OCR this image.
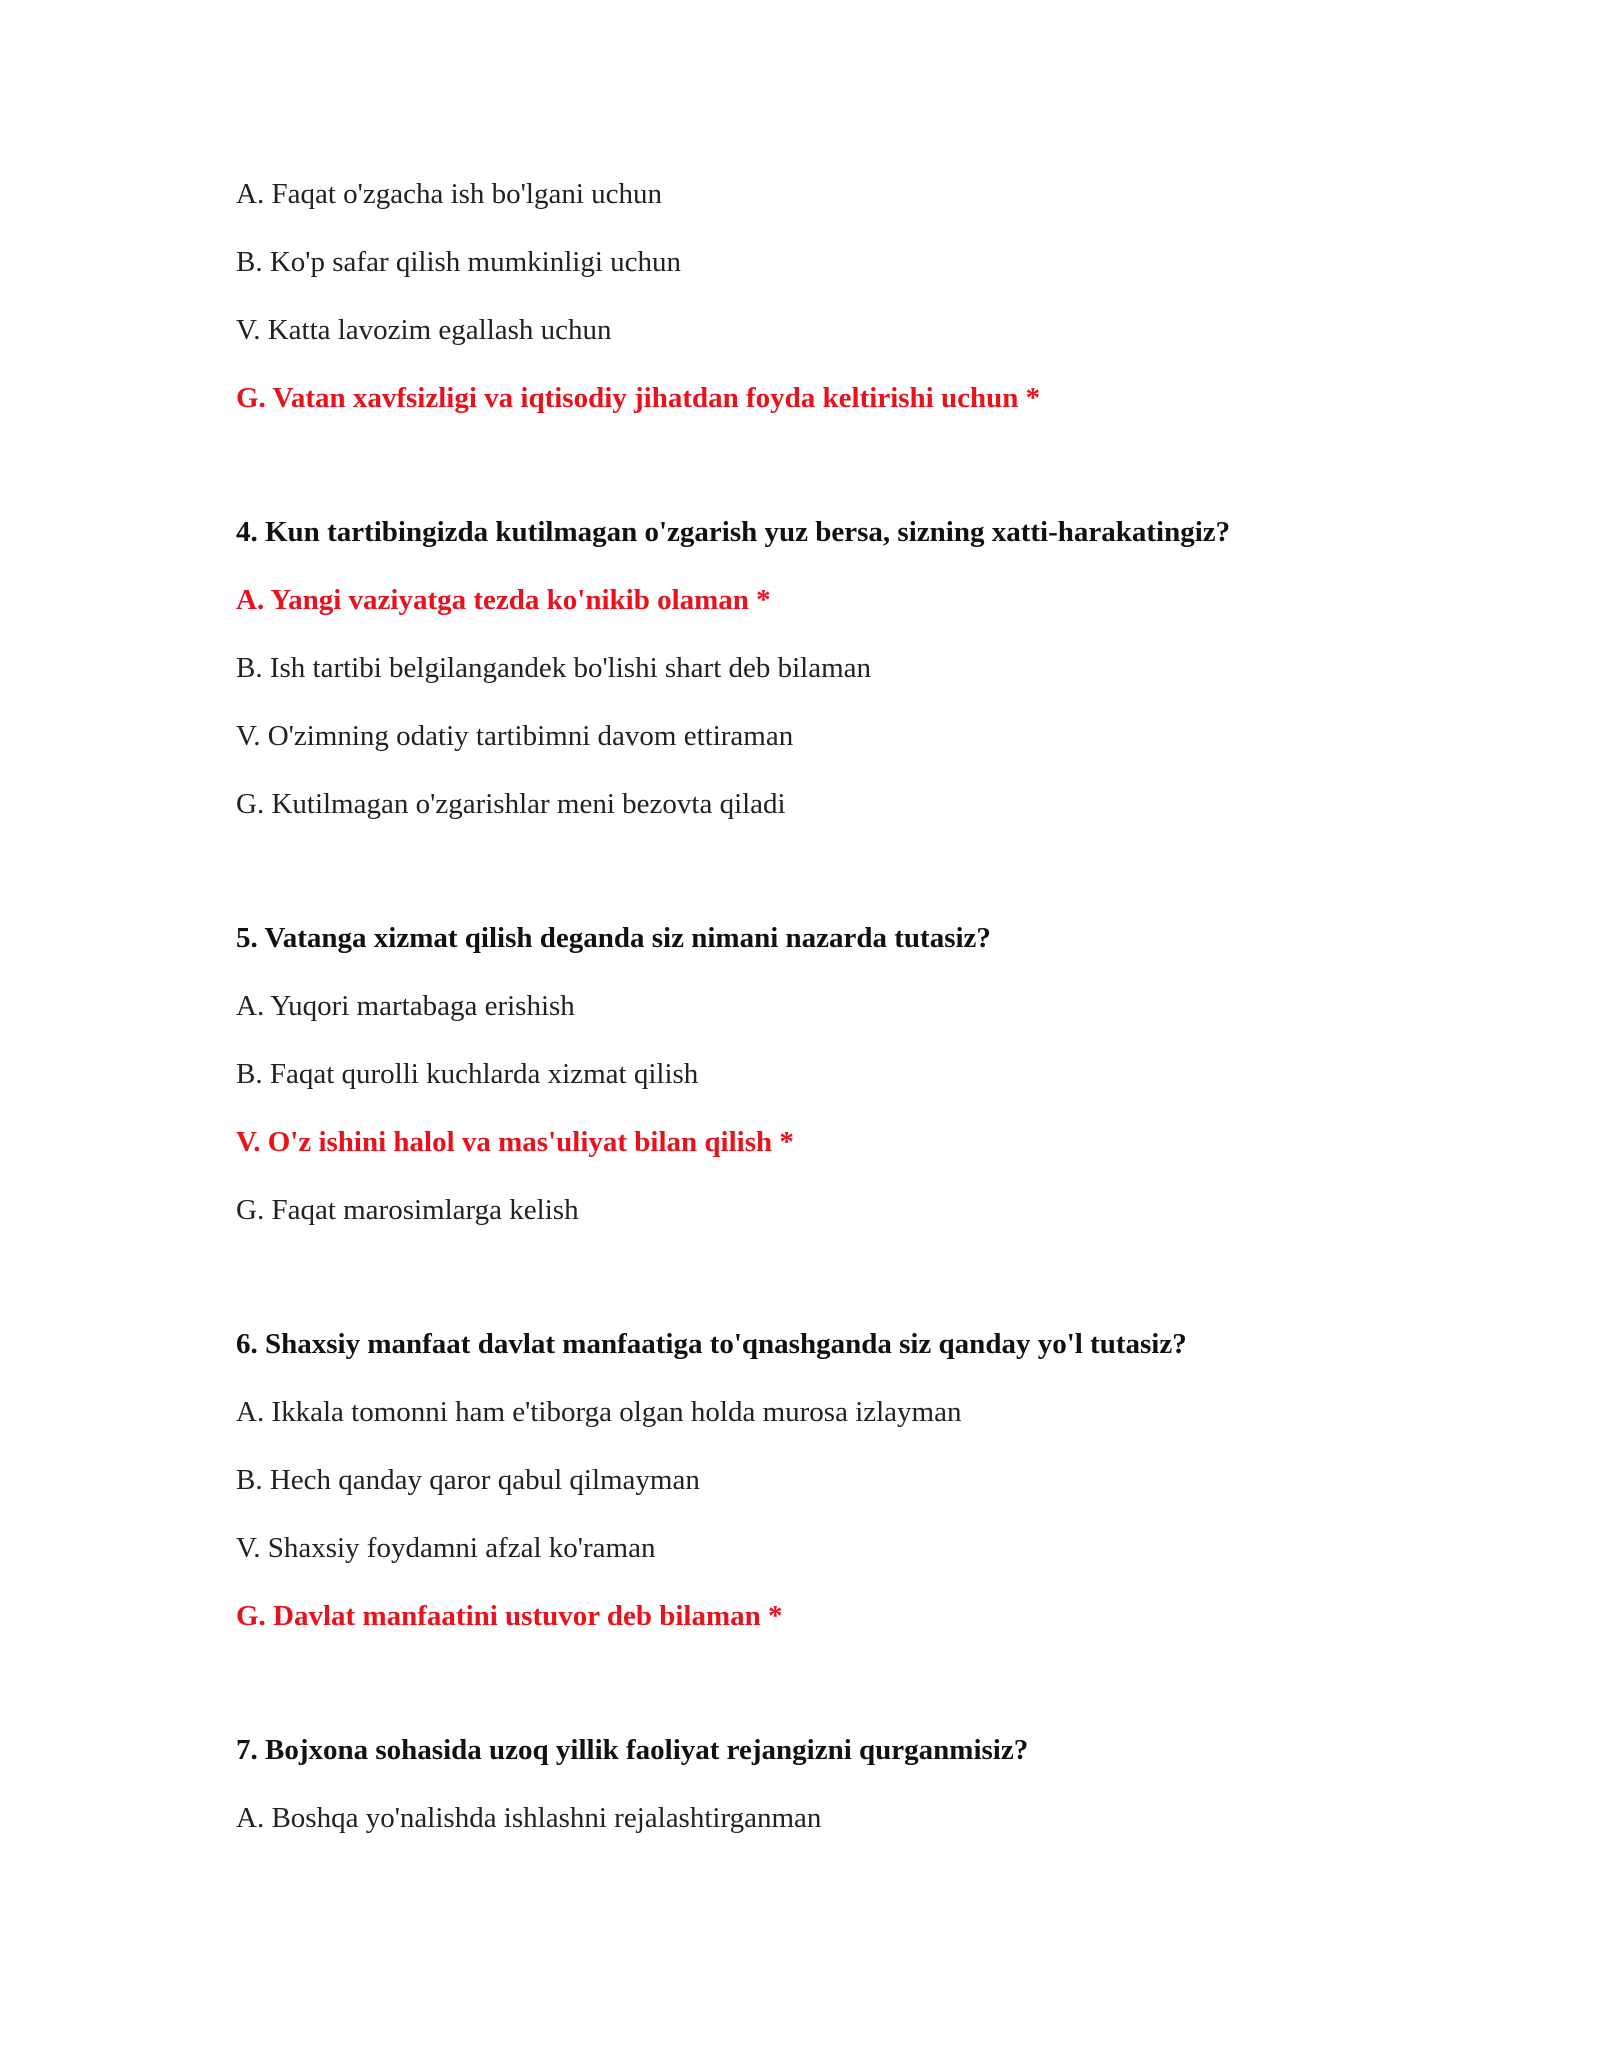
A. Faqat o'zgacha ish bo'lgani uchun
B. Ko'p safar qilish mumkinligi uchun
V. Katta lavozim egallash uchun
G. Vatan xavfsizligi va iqtisodiy jihatdan foyda keltirishi uchun *
4. Kun tartibingizda kutilmagan o'zgarish yuz bersa, sizning xatti-harakatingiz?
A. Yangi vaziyatga tezda ko'nikib olaman *
B. Ish tartibi belgilangandek bo'lishi shart deb bilaman
V. O'zimning odatiy tartibimni davom ettiraman
G. Kutilmagan o'zgarishlar meni bezovta qiladi
5. Vatanga xizmat qilish deganda siz nimani nazarda tutasiz?
A. Yuqori martabaga erishish
B. Faqat qurolli kuchlarda xizmat qilish
V. O'z ishini halol va mas'uliyat bilan qilish *
G. Faqat marosimlarga kelish
6. Shaxsiy manfaat davlat manfaatiga to'qnashganda siz qanday yo'l tutasiz?
A. Ikkala tomonni ham e'tiborga olgan holda murosa izlayman
B. Hech qanday qaror qabul qilmayman
V. Shaxsiy foydamni afzal ko'raman
G. Davlat manfaatini ustuvor deb bilaman *
7. Bojxona sohasida uzoq yillik faoliyat rejangizni qurganmisiz?
A. Boshqa yo'nalishda ishlashni rejalashtirganman
